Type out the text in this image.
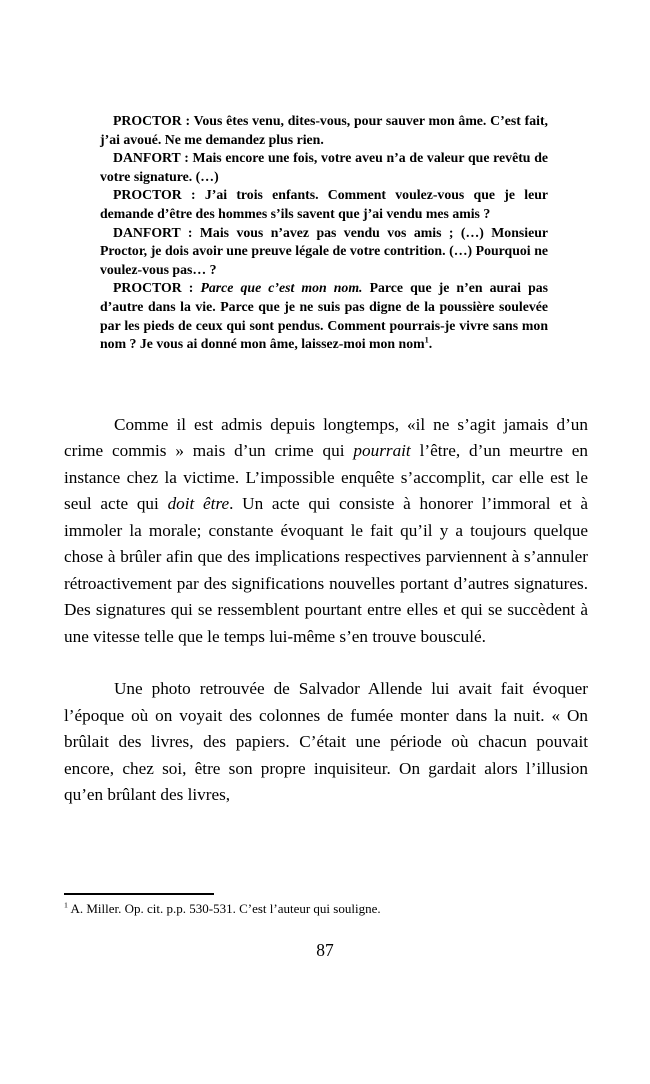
PROCTOR : Vous êtes venu, dites-vous, pour sauver mon âme. C’est fait, j’ai avoué. Ne me demandez plus rien.

DANFORT : Mais encore une fois, votre aveu n’a de valeur que revêtu de votre signature. (…)

PROCTOR : J’ai trois enfants. Comment voulez-vous que je leur demande d’être des hommes s’ils savent que j’ai vendu mes amis ?

DANFORT : Mais vous n’avez pas vendu vos amis ; (…) Monsieur Proctor, je dois avoir une preuve légale de votre contrition. (…) Pourquoi ne voulez-vous pas… ?

PROCTOR : Parce que c’est mon nom. Parce que je n’en aurai pas d’autre dans la vie. Parce que je ne suis pas digne de la poussière soulevée par les pieds de ceux qui sont pendus. Comment pourrais-je vivre sans mon nom ? Je vous ai donné mon âme, laissez-moi mon nom$^1$.

Comme il est admis depuis longtemps, «il ne s’agit jamais d’un crime commis » mais d’un crime qui pourrait l’être, d’un meurtre en instance chez la victime. L’impossible enquête s’accomplit, car elle est le seul acte qui doit être. Un acte qui consiste à honorer l’immoral et à immoler la morale; constante évoquant le fait qu’il y a toujours quelque chose à brûler afin que des implications respectives parviennent à s’annuler rétroactivement par des significations nouvelles portant d’autres signatures. Des signatures qui se ressemblent pourtant entre elles et qui se succèdent à une vitesse telle que le temps lui-même s’en trouve bousculé.

Une photo retrouvée de Salvador Allende lui avait fait évoquer l’époque où on voyait des colonnes de fumée monter dans la nuit. « On brûlait des livres, des papiers. C’était une période où chacun pouvait encore, chez soi, être son propre inquisiteur. On gardait alors l’illusion qu’en brûlant des livres,

$^1$ A. Miller. Op. cit. p.p. 530-531. C’est l’auteur qui souligne.
87
